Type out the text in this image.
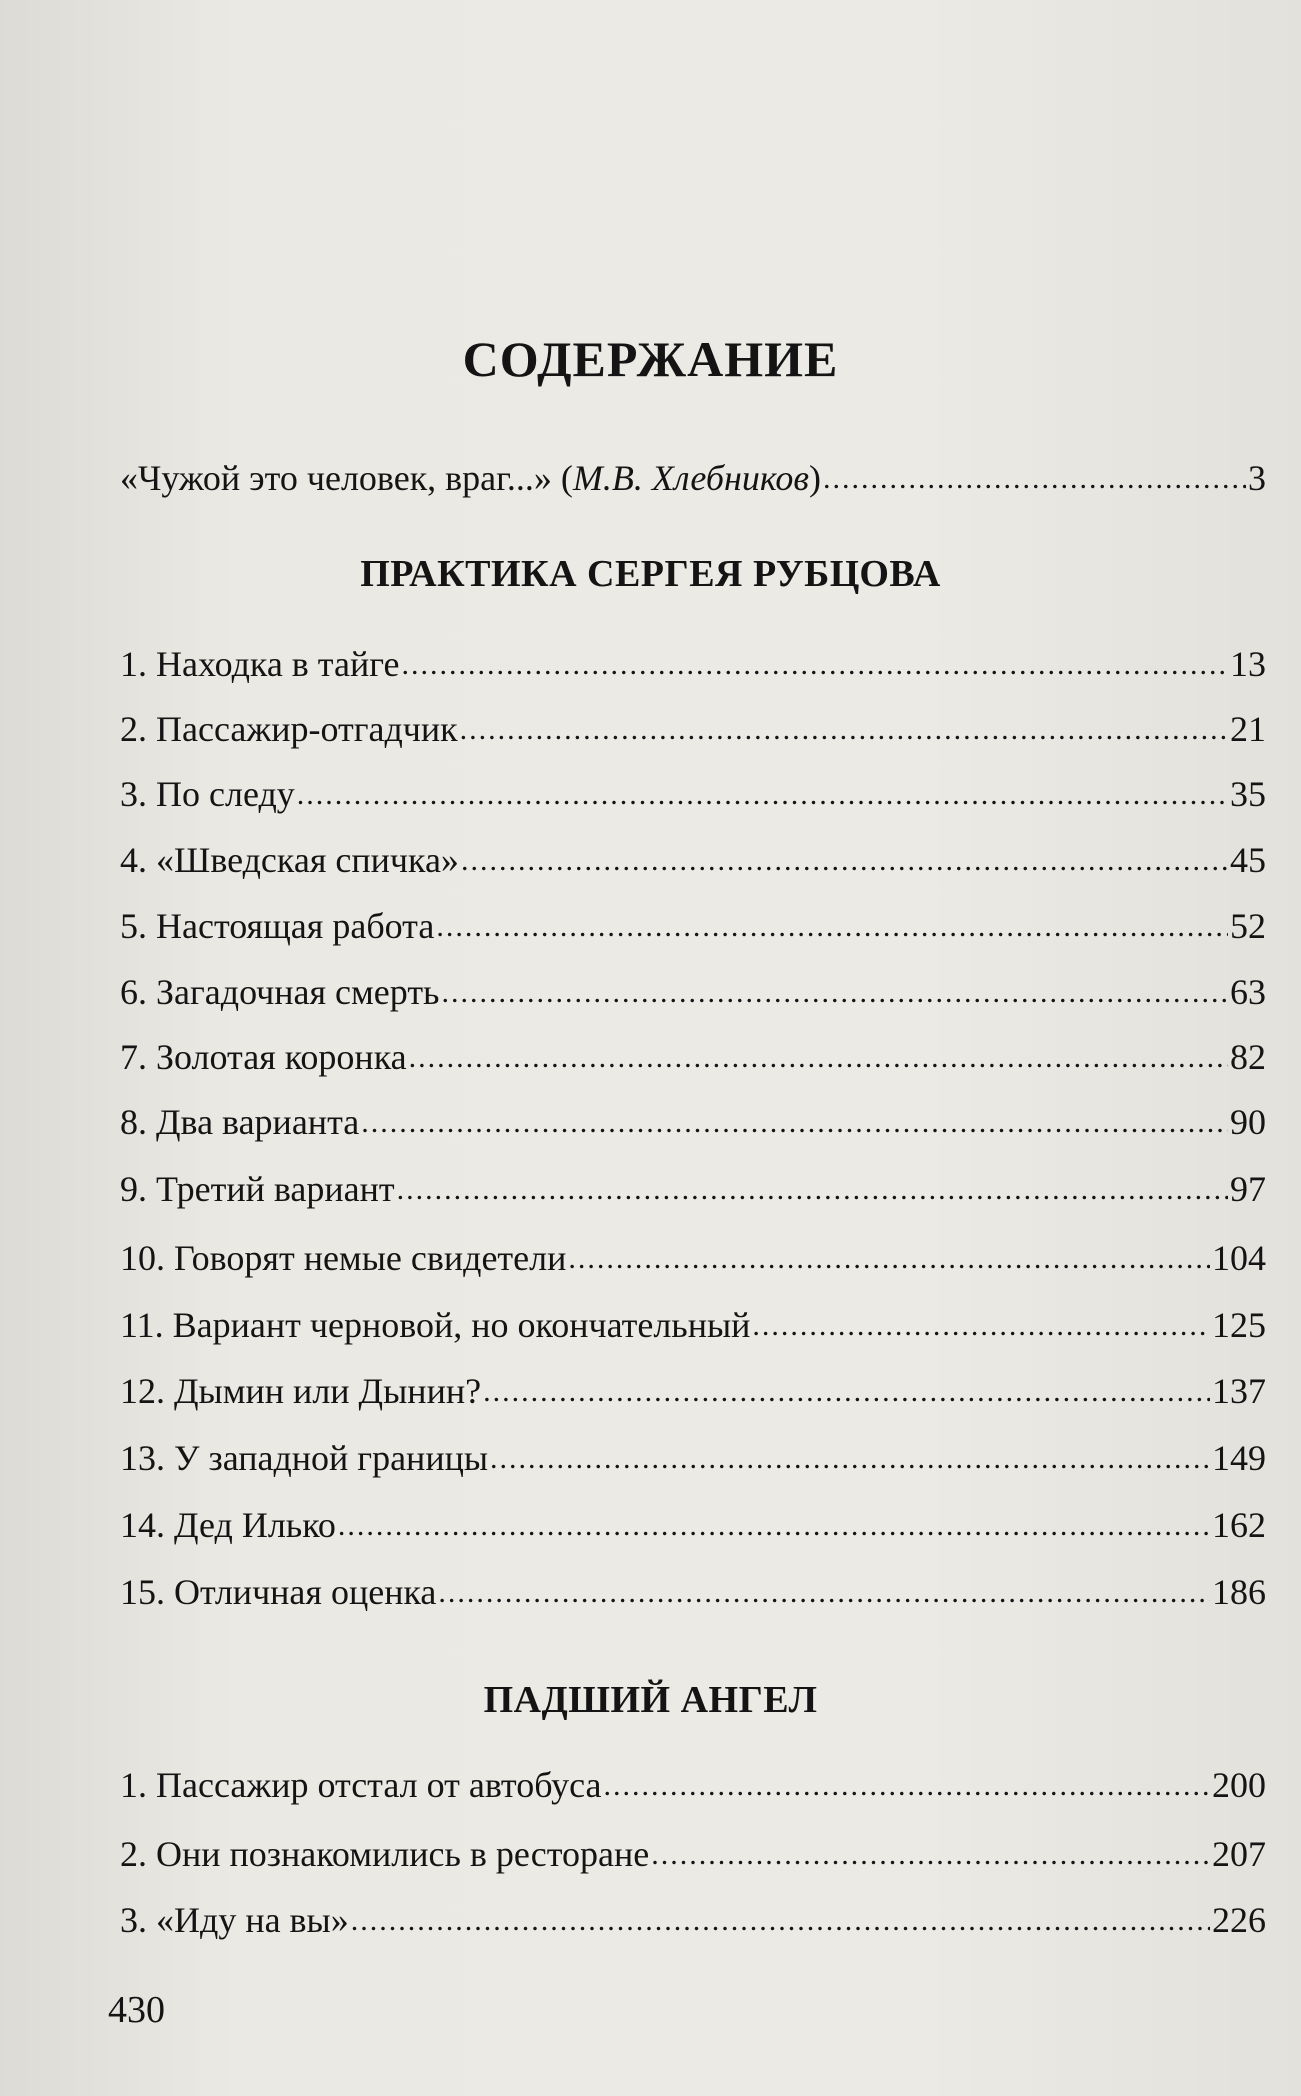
СОДЕРЖАНИЕ
«Чужой это человек, враг...» (М.В. Хлебников) .....	3
ПРАКТИКА СЕРГЕЯ РУБЦОВА
1. Находка в тайге .....	13
2. Пассажир-отгадчик .....	21
3. По следу .....	35
4. «Шведская спичка» .....	45
5. Настоящая работа .....	52
6. Загадочная смерть .....	63
7. Золотая коронка .....	82
8. Два варианта .....	90
9. Третий вариант .....	97
10. Говорят немые свидетели .....	104
11. Вариант черновой, но окончательный .....	125
12. Дымин или Дынин? .....	137
13. У западной границы .....	149
14. Дед Илько .....	162
15. Отличная оценка .....	186
ПАДШИЙ АНГЕЛ
1. Пассажир отстал от автобуса .....	200
2. Они познакомились в ресторане .....	207
3. «Иду на вы» .....	226
430
